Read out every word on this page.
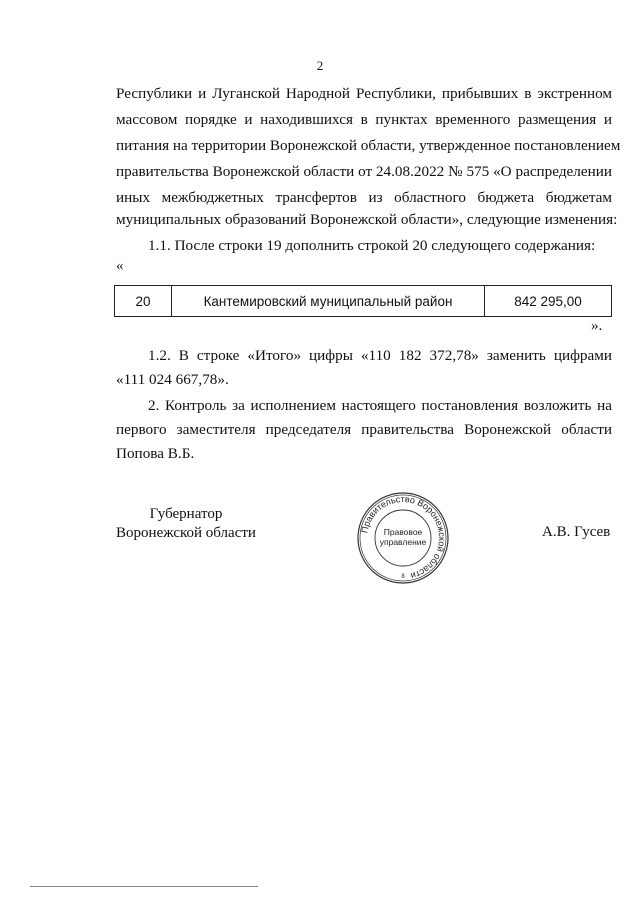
2
Республики и Луганской Народной Республики, прибывших в экстренном
массовом порядке и находившихся в пунктах временного размещения и
питания на территории Воронежской области, утвержденное постановлением
правительства Воронежской области от 24.08.2022 № 575 «О распределении
иных межбюджетных трансфертов из областного бюджета бюджетам
муниципальных образований Воронежской области», следующие изменения:
1.1. После строки 19 дополнить строкой 20 следующего содержания:
«
20	Кантемировский муниципальный район	842 295,00
».
1.2. В строке «Итого» цифры «110 182 372,78» заменить цифрами
«111 024 667,78».
2. Контроль за исполнением настоящего постановления возложить на
первого заместителя председателя правительства Воронежской области
Попова В.Б.
Губернатор
Воронежской области	Правительство Воронежской области
Правовое
управление
8
А.В. Гусев
